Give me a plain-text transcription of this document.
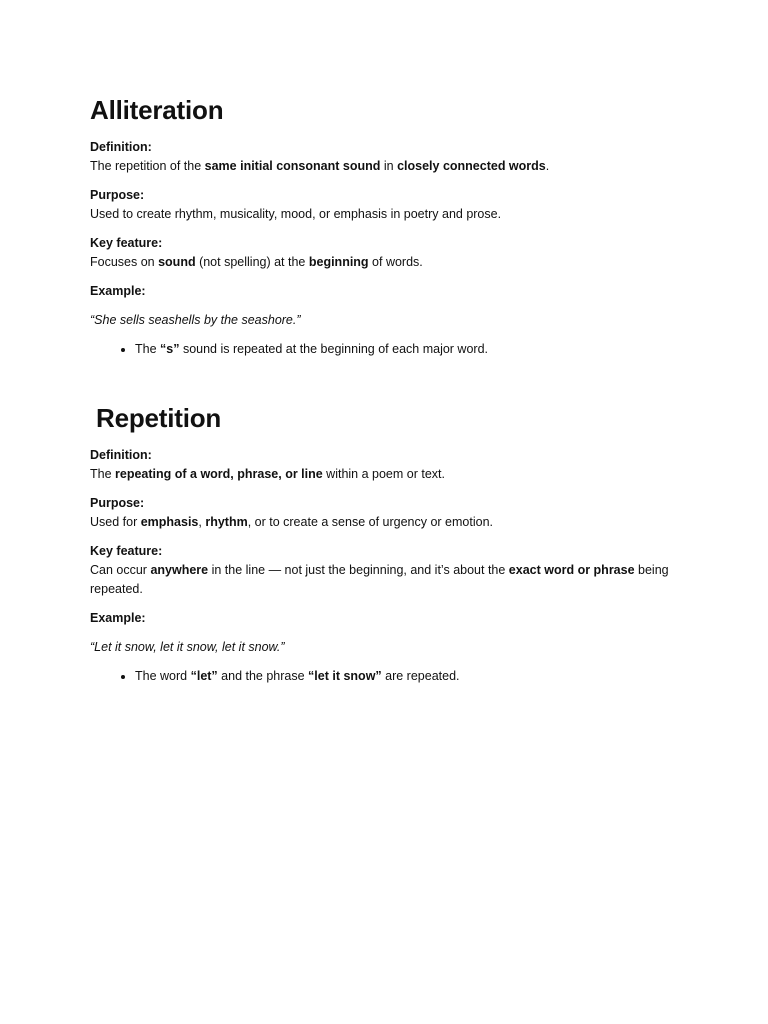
Alliteration
Definition:
The repetition of the same initial consonant sound in closely connected words.
Purpose:
Used to create rhythm, musicality, mood, or emphasis in poetry and prose.
Key feature:
Focuses on sound (not spelling) at the beginning of words.
Example:
“She sells seashells by the seashore.”
• The “s” sound is repeated at the beginning of each major word.
Repetition
Definition:
The repeating of a word, phrase, or line within a poem or text.
Purpose:
Used for emphasis, rhythm, or to create a sense of urgency or emotion.
Key feature:
Can occur anywhere in the line — not just the beginning, and it’s about the exact word or phrase being repeated.
Example:
“Let it snow, let it snow, let it snow.”
• The word “let” and the phrase “let it snow” are repeated.
